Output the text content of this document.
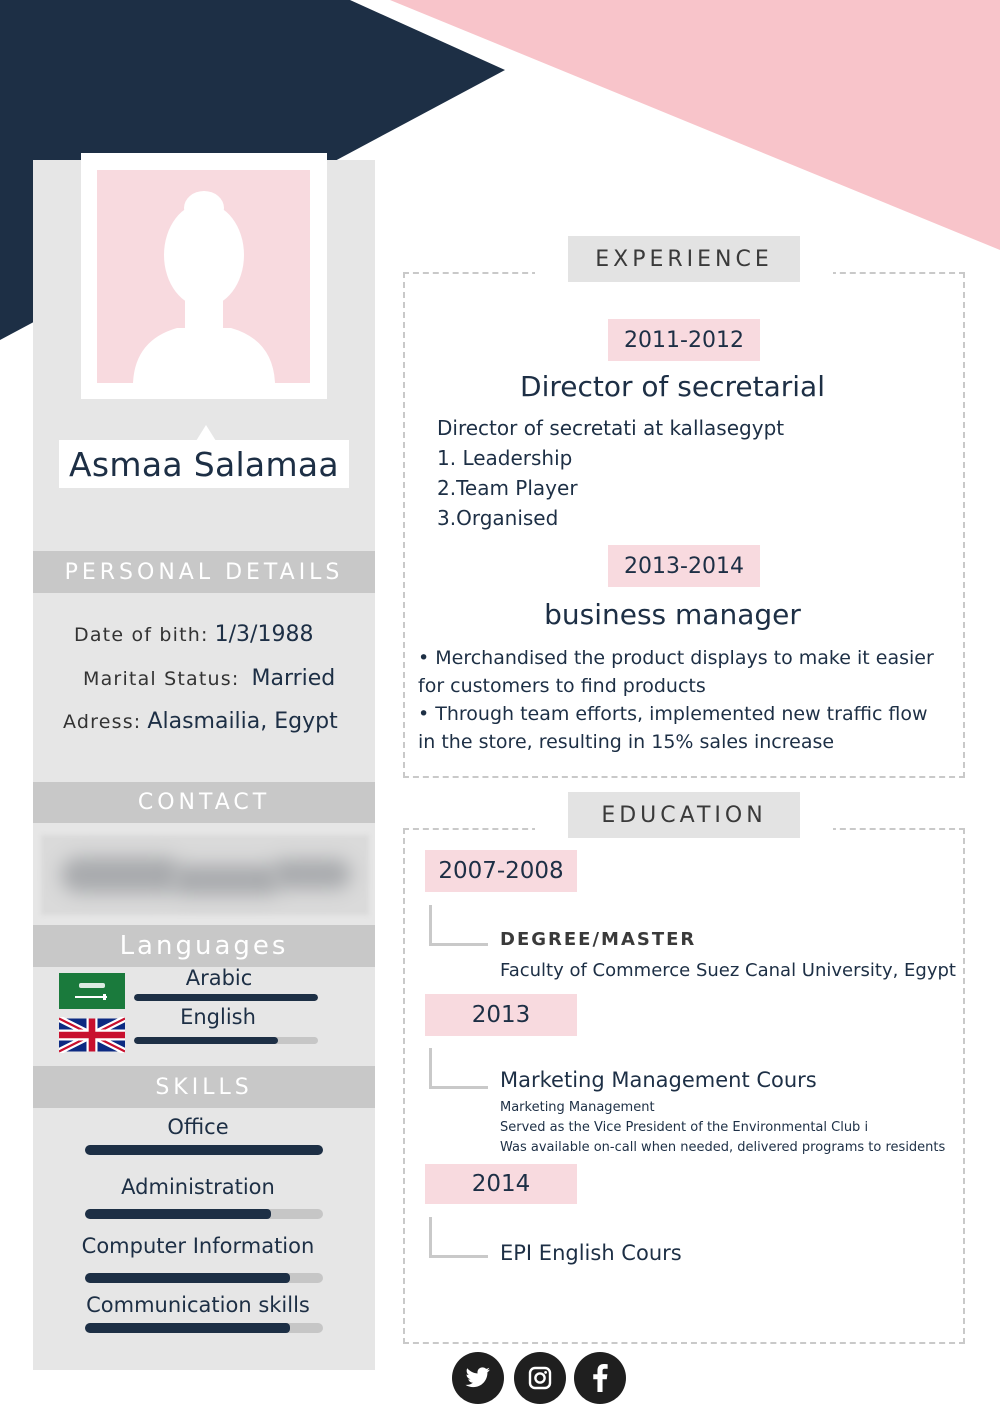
Asmaa Salamaa
PERSONAL DETAILS
Date of bith: 1/3/1988
Marital Status: Married
Adress: Alasmailia, Egypt
CONTACT
Languages
Arabic
English
SKILLS
Office
Administration
Computer Information
Communication skills
EXPERIENCE
2011-2012
Director of secretarial
Director of secretati at kallasegypt
1. Leadership
2.Team Player
3.Organised
2013-2014
business manager
• Merchandised the product displays to make it easier for customers to find products
• Through team efforts, implemented new traffic flow in the store, resulting in 15% sales increase
EDUCATION
2007-2008
DEGREE/MASTER
Faculty of Commerce Suez Canal University, Egypt
2013
Marketing Management Cours
Marketing Management
Served as the Vice President of the Environmental Club i
Was available on-call when needed, delivered programs to residents
2014
EPI English Cours
